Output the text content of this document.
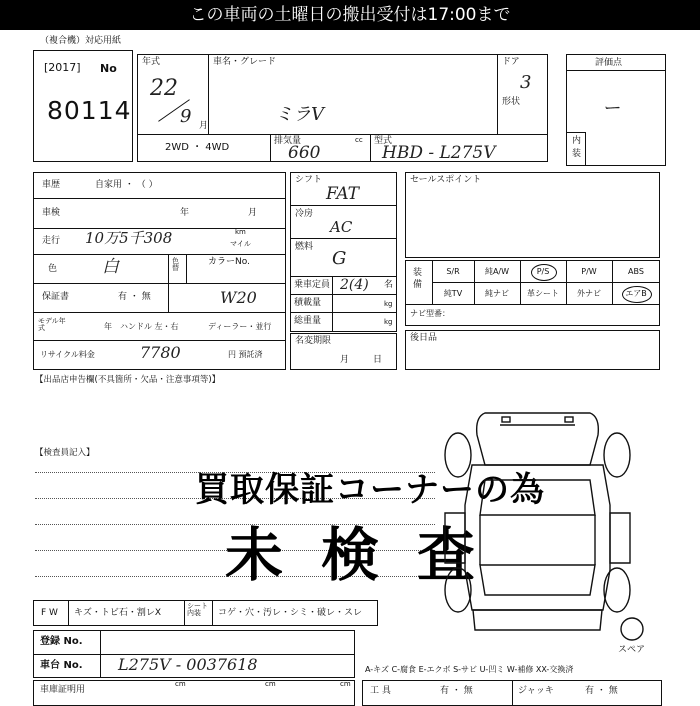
この車両の土曜日の搬出受付は17:00まで
（複合機）対応用紙
[2017] No
80114
年式
22
9 月
車名・グレード
ミラV
ドア
3
形状
2WD ・ 4WD
排気量	cc
660
型式
HBD - L275V
評価点
ー
内
装
車歴	自家用 ・ （ ）
車検	年	月
走行 10万5千308	km
マイル
色	白	色替
カラーNo.
保証書	有 ・ 無	W20
モデル年式	年 ハンドル 左・右	ディーラー・並行
リサイクル料金	7780	円 預託済
シフト
FAT
冷房
AC
燃料
G
乗車定員 2(4) 名
積載量	kg
総重量	kg
名変期限
月日
セールスポイント
装備
S/R	純A/W	P/S	P/W	ABS
純TV	純ナビ	革シート	外ナビ	エアB
ナビ型番：
後日品
【出品店申告欄(不具箇所・欠品・注意事項等)】
【検査員記入】
買取保証コーナーの為
未検査
スペア
F W キズ・トビ石・割レX
シート内装	コゲ・穴・汚レ・シミ・破レ・スレ
登録 No.
車台 No. L275V - 0037618	A-キズ C-腐食 E-エクボ S-サビ U-凹ミ W-補修 XX-交換済
車庫証明用
cm	cm	cm
工 具	有 ・ 無	ジャッキ	有 ・ 無
